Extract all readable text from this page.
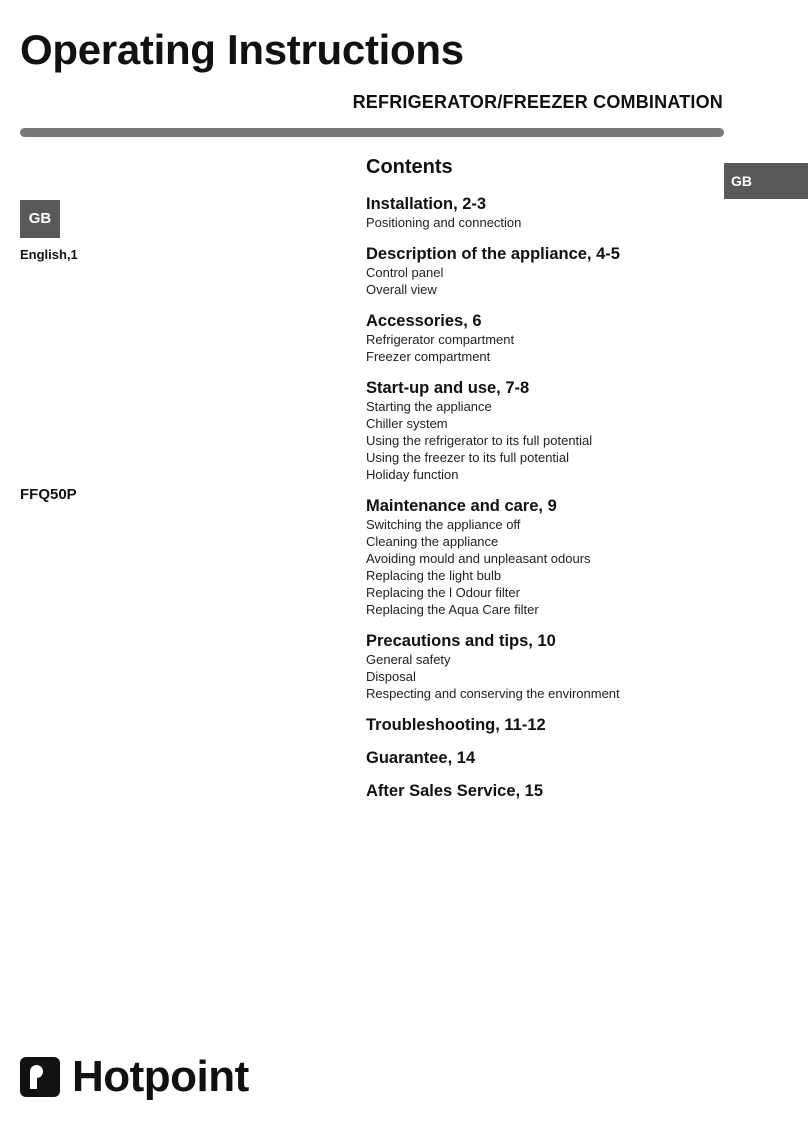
Operating Instructions
REFRIGERATOR/FREEZER COMBINATION
GB
GB
English,1
FFQ50P
Contents

Installation, 2-3

Positioning and connection

Description of the appliance, 4-5

Control panel

Overall view

Accessories, 6

Refrigerator compartment

Freezer compartment

Start-up and use, 7-8

Starting the appliance

Chiller system

Using the refrigerator to its full potential

Using the freezer to its full potential

Holiday function

Maintenance and care, 9

Switching the appliance off

Cleaning the appliance

Avoiding mould and unpleasant odours

Replacing the light bulb

Replacing the l Odour filter

Replacing the Aqua Care filter

Precautions and tips, 10

General safety

Disposal

Respecting and conserving the environment

Troubleshooting, 11-12

Guarantee, 14

After Sales Service, 15

Hotpoint
